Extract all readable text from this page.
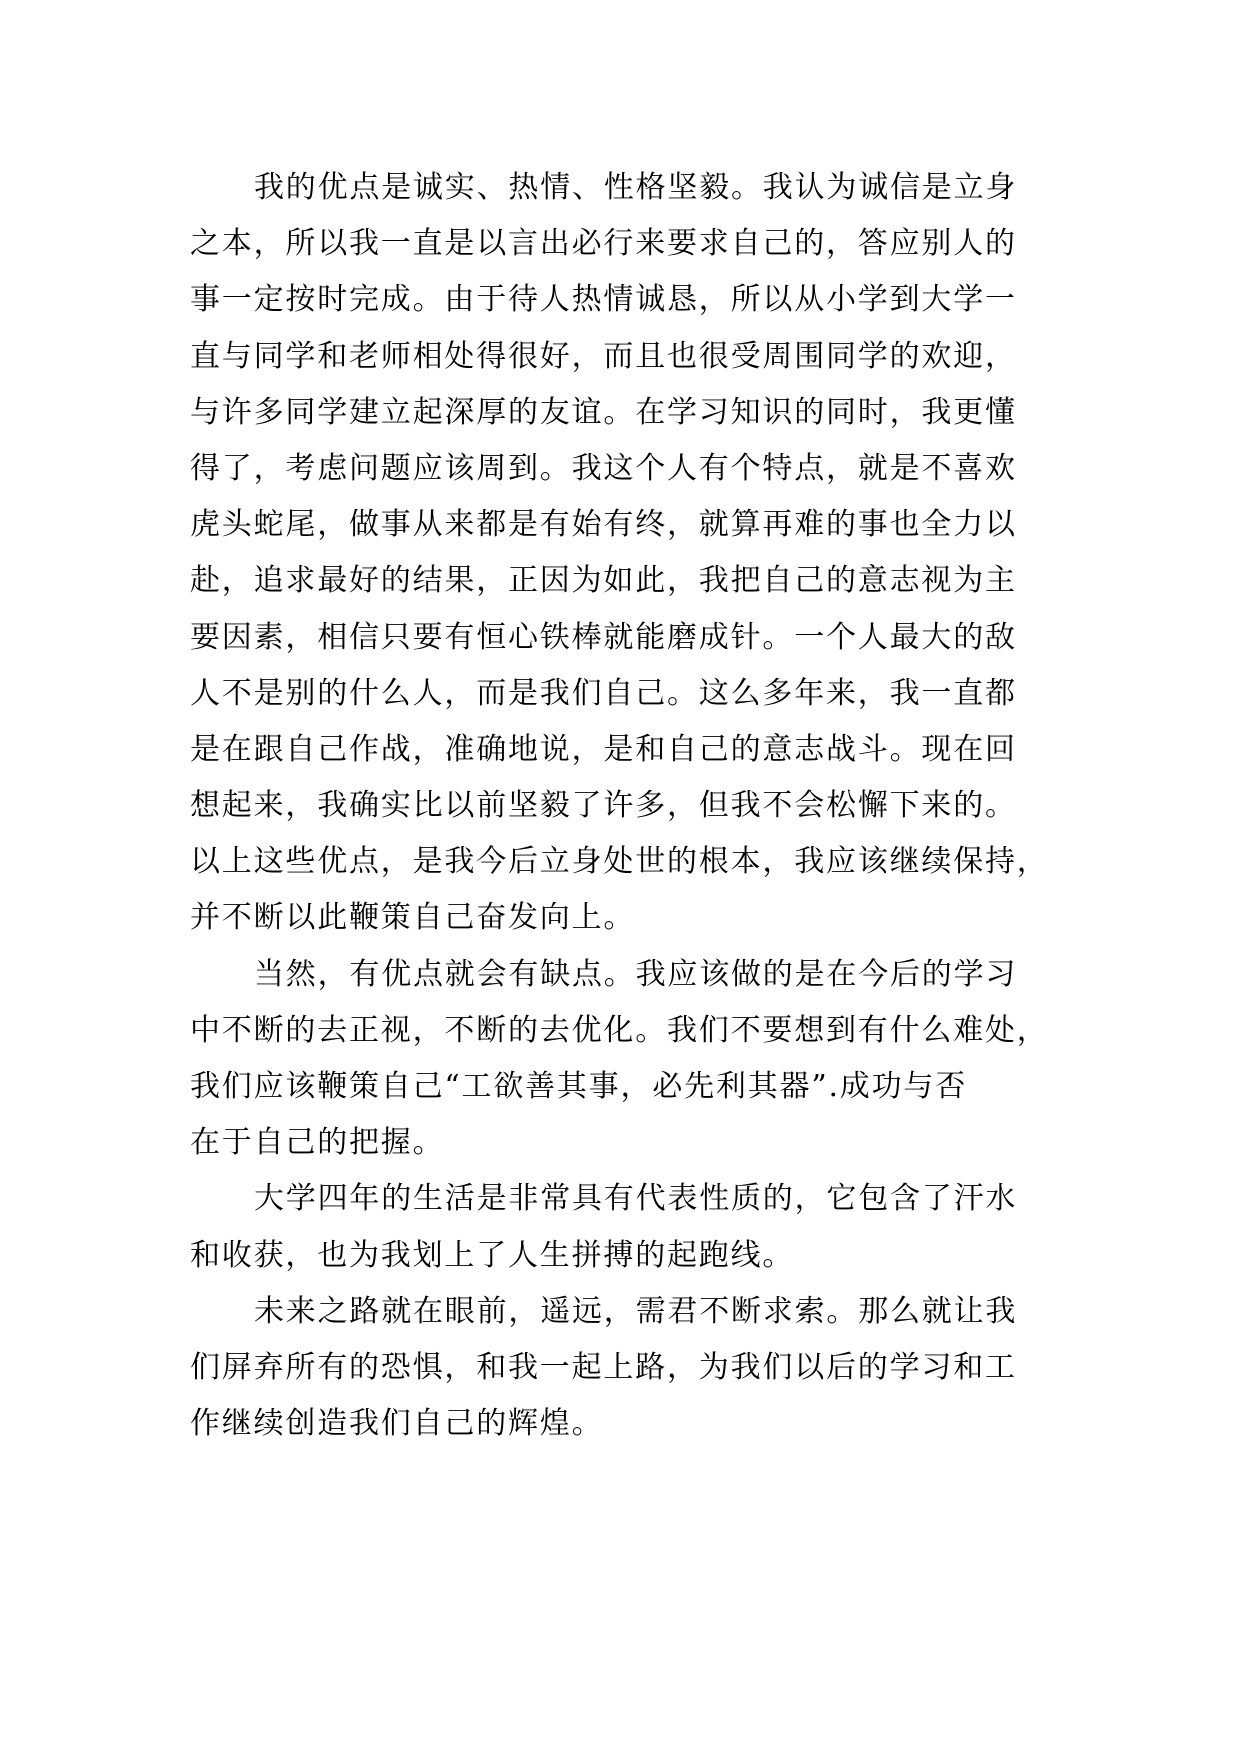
我的优点是诚实、热情、性格坚毅。我认为诚信是立身
之本，所以我一直是以言出必行来要求自己的，答应别人的
事一定按时完成。由于待人热情诚恳，所以从小学到大学一
直与同学和老师相处得很好，而且也很受周围同学的欢迎，
与许多同学建立起深厚的友谊。在学习知识的同时，我更懂
得了，考虑问题应该周到。我这个人有个特点，就是不喜欢
虎头蛇尾，做事从来都是有始有终，就算再难的事也全力以
赴，追求最好的结果，正因为如此，我把自己的意志视为主
要因素，相信只要有恒心铁棒就能磨成针。一个人最大的敌
人不是别的什么人，而是我们自己。这么多年来，我一直都
是在跟自己作战，准确地说，是和自己的意志战斗。现在回
想起来，我确实比以前坚毅了许多，但我不会松懈下来的。
以上这些优点，是我今后立身处世的根本，我应该继续保持，
并不断以此鞭策自己奋发向上。
当然，有优点就会有缺点。我应该做的是在今后的学习
中不断的去正视，不断的去优化。我们不要想到有什么难处，
我们应该鞭策自己“工欲善其事，必先利其器”.成功与否
在于自己的把握。
大学四年的生活是非常具有代表性质的，它包含了汗水
和收获，也为我划上了人生拼搏的起跑线。
未来之路就在眼前，遥远，需君不断求索。那么就让我
们屏弃所有的恐惧，和我一起上路，为我们以后的学习和工
作继续创造我们自己的辉煌。
